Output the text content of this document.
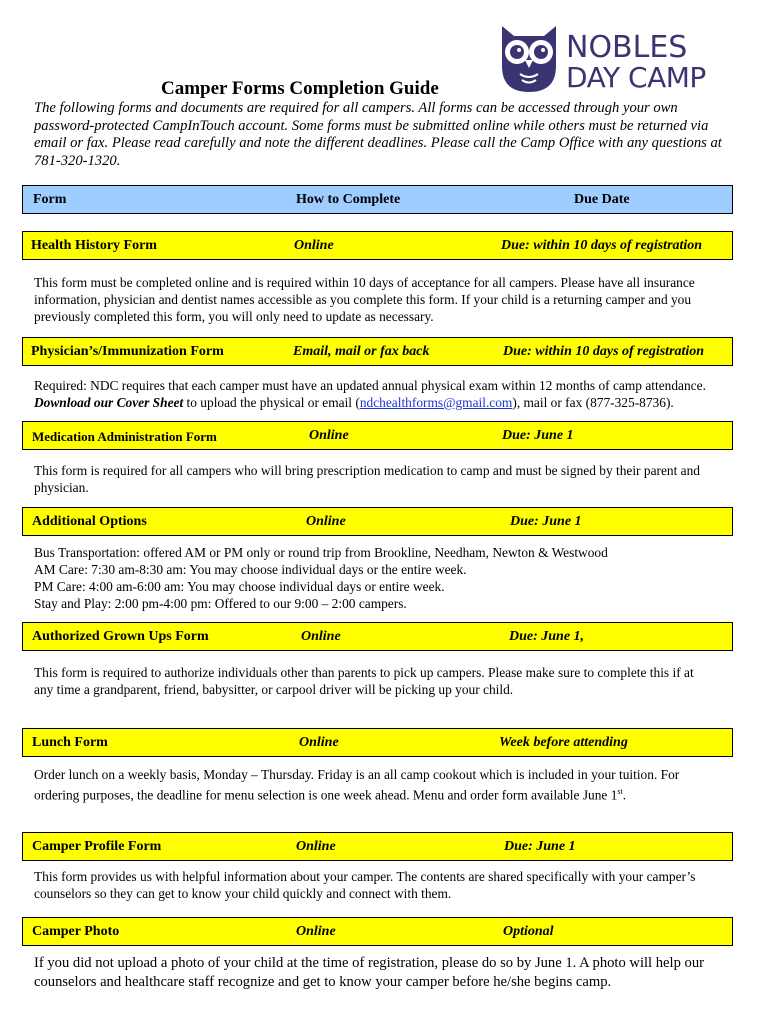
NOBLES
DAY CAMP
Camper Forms Completion Guide

The following forms and documents are required for all campers. All forms can be accessed through your own password-protected CampInTouch account. Some forms must be submitted online while others must be returned via email or fax. Please read carefully and note the different deadlines. Please call the Camp Office with any questions at 781-320-1320.

Form	How to Complete	Due Date
Health History Form	Online	Due: within 10 days of registration

This form must be completed online and is required within 10 days of acceptance for all campers. Please have all insurance
information, physician and dentist names accessible as you complete this form. If your child is a returning camper and you
previously completed this form, you will only need to update as necessary.

Physician’s/Immunization Form	Email, mail or fax back	Due: within 10 days of registration

Required: NDC requires that each camper must have an updated annual physical exam within 12 months of camp attendance.
Download our Cover Sheet to upload the physical or email (ndchealthforms@gmail.com), mail or fax (877-325-8736).

Medication Administration Form	Online	Due: June 1

This form is required for all campers who will bring prescription medication to camp and must be signed by their parent and
physician.

Additional Options	Online	Due: June 1

Bus Transportation: offered AM or PM only or round trip from Brookline, Needham, Newton & Westwood
AM Care: 7:30 am-8:30 am: You may choose individual days or the entire week.
PM Care: 4:00 am-6:00 am: You may choose individual days or entire week.
Stay and Play: 2:00 pm-4:00 pm: Offered to our 9:00 – 2:00 campers.

Authorized Grown Ups Form	Online	Due: June 1,

This form is required to authorize individuals other than parents to pick up campers. Please make sure to complete this if at
any time a grandparent, friend, babysitter, or carpool driver will be picking up your child.

Lunch Form	Online	Week before attending

Order lunch on a weekly basis, Monday – Thursday. Friday is an all camp cookout which is included in your tuition. For
ordering purposes, the deadline for menu selection is one week ahead. Menu and order form available June 1st.

Camper Profile Form	Online	Due: June 1

This form provides us with helpful information about your camper. The contents are shared specifically with your camper’s
counselors so they can get to know your child quickly and connect with them.

Camper Photo	Online	Optional

If you did not upload a photo of your child at the time of registration, please do so by June 1. A photo will help our
counselors and healthcare staff recognize and get to know your camper before he/she begins camp.
